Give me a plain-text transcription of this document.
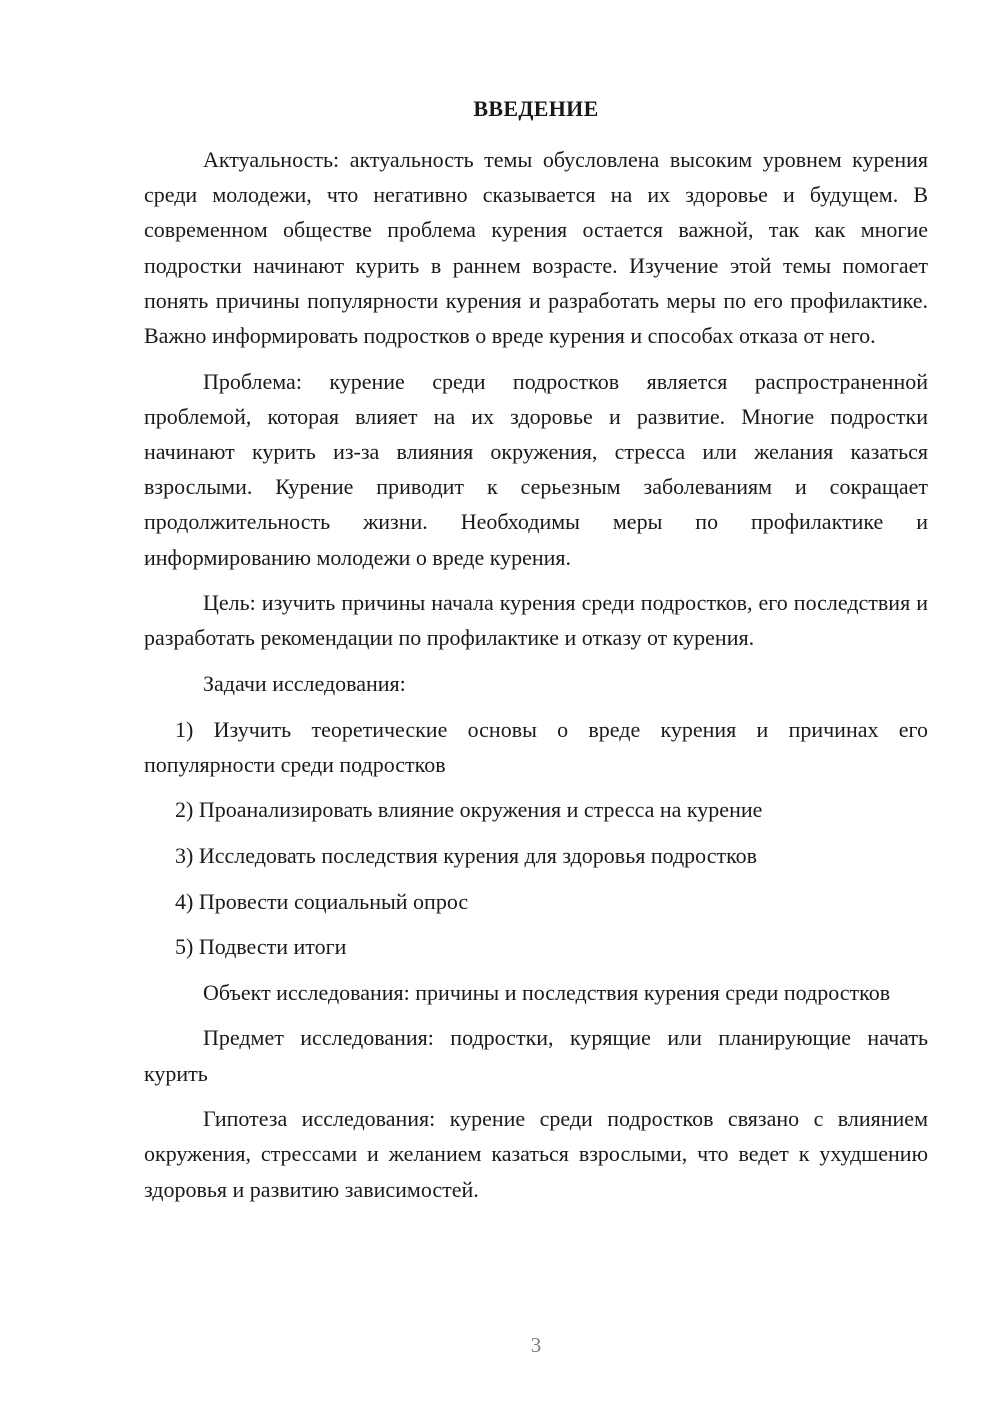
ВВЕДЕНИЕ

Актуальность: актуальность темы обусловлена высоким уровнем курения среди молодежи, что негативно сказывается на их здоровье и будущем. В современном обществе проблема курения остается важной, так как многие подростки начинают курить в раннем возрасте. Изучение этой темы помогает понять причины популярности курения и разработать меры по его профилактике. Важно информировать подростков о вреде курения и способах отказа от него.

Проблема: курение среди подростков является распространенной проблемой, которая влияет на их здоровье и развитие. Многие подростки начинают курить из-за влияния окружения, стресса или желания казаться взрослыми. Курение приводит к серьезным заболеваниям и сокращает продолжительность жизни. Необходимы меры по профилактике и информированию молодежи о вреде курения.

Цель: изучить причины начала курения среди подростков, его последствия и разработать рекомендации по профилактике и отказу от курения.

Задачи исследования:

1) Изучить теоретические основы о вреде курения и причинах его популярности среди подростков

2) Проанализировать влияние окружения и стресса на курение

3) Исследовать последствия курения для здоровья подростков

4) Провести социальный опрос

5) Подвести итоги

Объект исследования: причины и последствия курения среди подростков

Предмет исследования: подростки, курящие или планирующие начать курить

Гипотеза исследования: курение среди подростков связано с влиянием окружения, стрессами и желанием казаться взрослыми, что ведет к ухудшению здоровья и развитию зависимостей.

3
